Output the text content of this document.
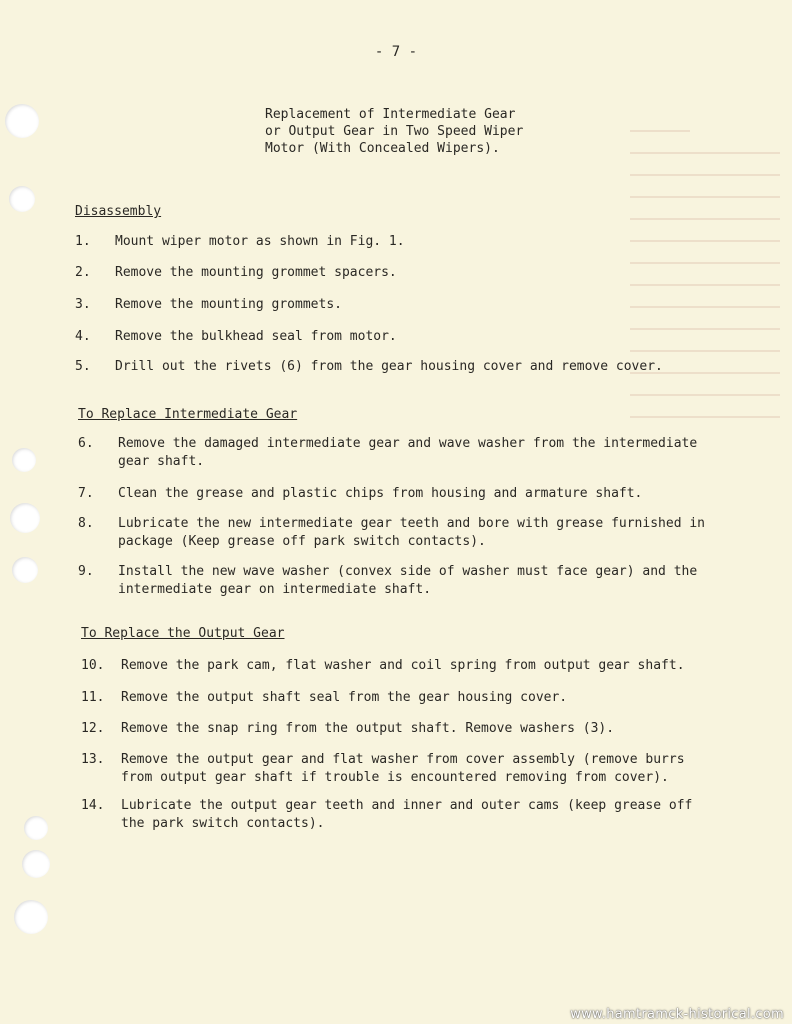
- 7 -
Replacement of Intermediate Gear
or Output Gear in Two Speed Wiper
Motor (With Concealed Wipers).
Disassembly
1.	Mount wiper motor as shown in Fig. 1.
2.	Remove the mounting grommet spacers.
3.	Remove the mounting grommets.
4.	Remove the bulkhead seal from motor.
5.	Drill out the rivets (6) from the gear housing cover and remove cover.
To Replace Intermediate Gear
6.	Remove the damaged intermediate gear and wave washer from the intermediate
gear shaft.
7.	Clean the grease and plastic chips from housing and armature shaft.
8.	Lubricate the new intermediate gear teeth and bore with grease furnished in
package (Keep grease off park switch contacts).
9.	Install the new wave washer (convex side of washer must face gear) and the
intermediate gear on intermediate shaft.
To Replace the Output Gear
10.	Remove the park cam, flat washer and coil spring from output gear shaft.
11.	Remove the output shaft seal from the gear housing cover.
12.	Remove the snap ring from the output shaft. Remove washers (3).
13.	Remove the output gear and flat washer from cover assembly (remove burrs
from output gear shaft if trouble is encountered removing from cover).
14.	Lubricate the output gear teeth and inner and outer cams (keep grease off
the park switch contacts).
www.hamtramck-historical.com
